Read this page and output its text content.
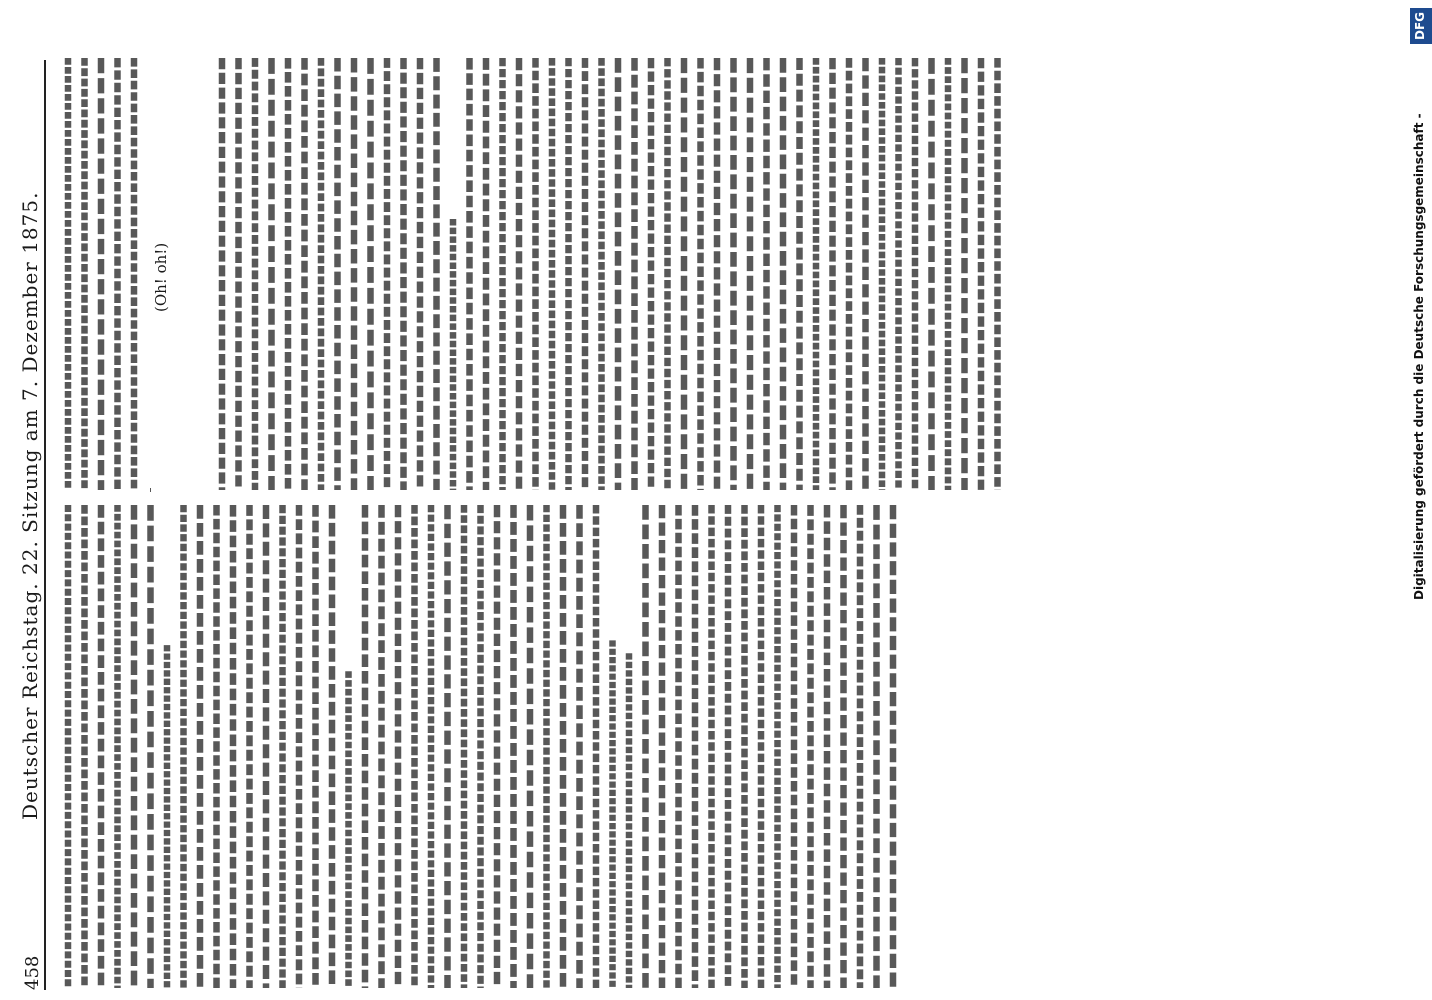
458
Deutscher Reichstag. 22. Sitzung am 7. Dezember 1875.	(Oh! oh!)	Digitalisierung gefördert durch die Deutsche Forschungsgemeinschaft -
DFG
